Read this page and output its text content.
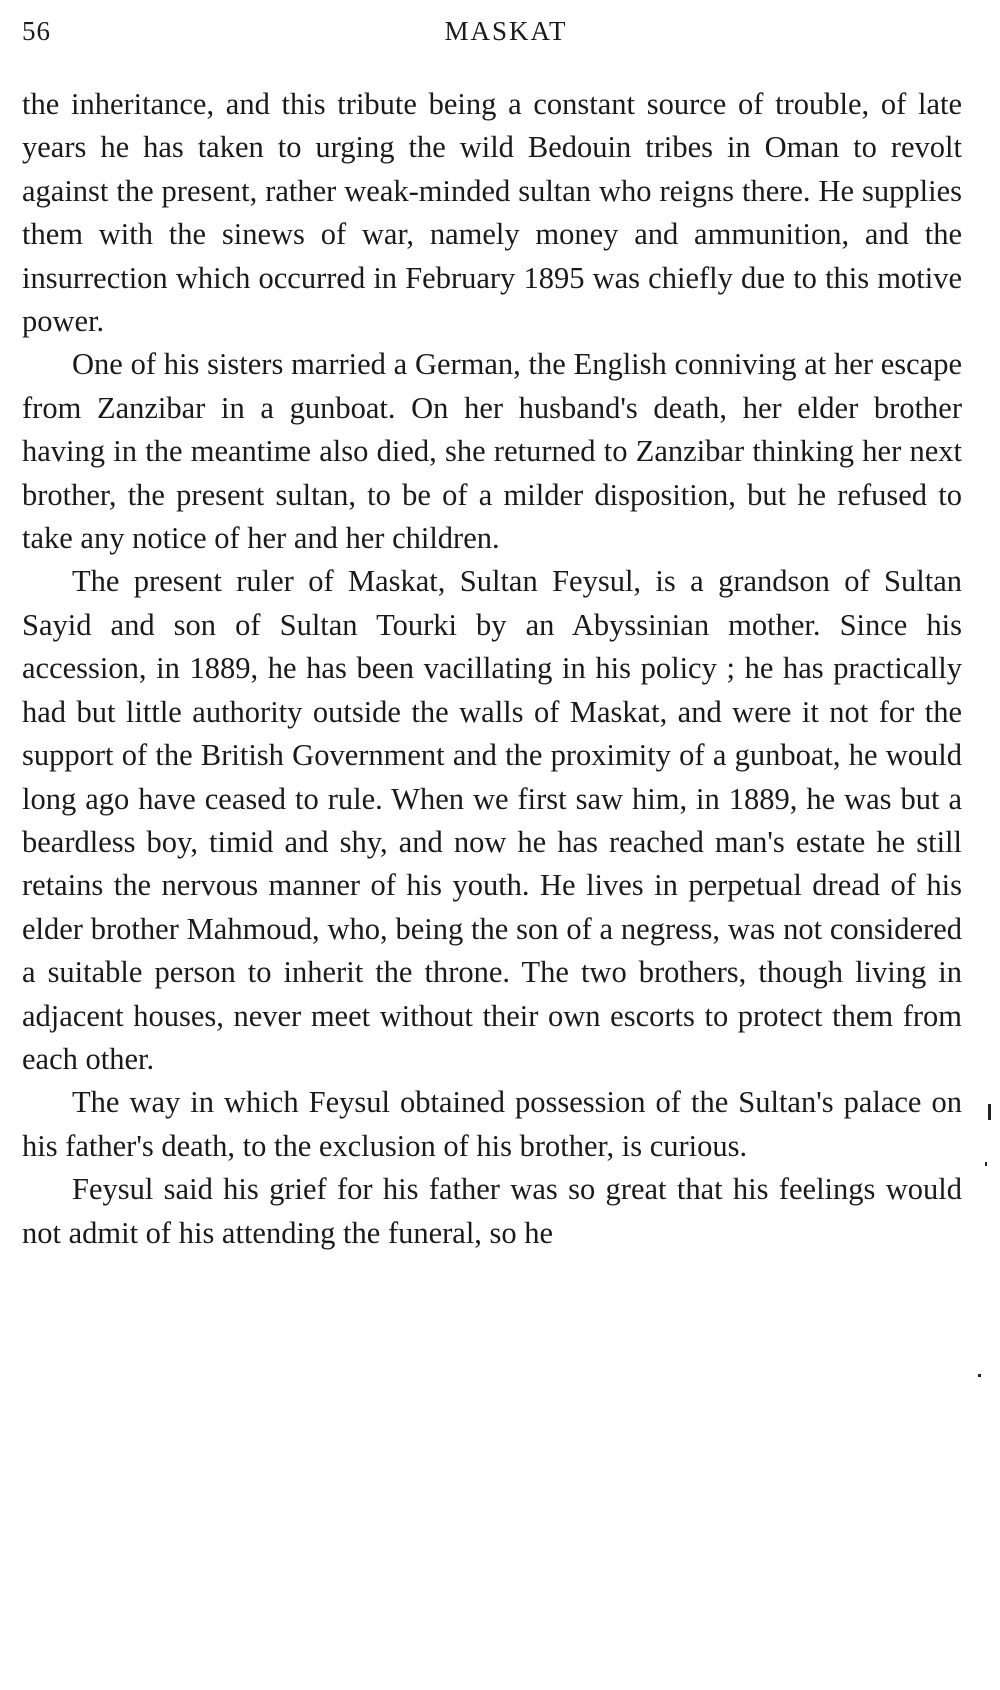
56	MASKAT

the inheritance, and this tribute being a constant source of trouble, of late years he has taken to urging the wild Bedouin tribes in Oman to revolt against the present, rather weak-minded sultan who reigns there. He supplies them with the sinews of war, namely money and ammunition, and the insurrection which occurred in February 1895 was chiefly due to this motive power.

One of his sisters married a German, the English conniving at her escape from Zanzibar in a gunboat. On her husband's death, her elder brother having in the meantime also died, she returned to Zanzibar thinking her next brother, the present sultan, to be of a milder disposition, but he refused to take any notice of her and her children.

The present ruler of Maskat, Sultan Feysul, is a grandson of Sultan Sayid and son of Sultan Tourki by an Abyssinian mother. Since his accession, in 1889, he has been vacillating in his policy ; he has practically had but little authority outside the walls of Maskat, and were it not for the support of the British Government and the proximity of a gunboat, he would long ago have ceased to rule. When we first saw him, in 1889, he was but a beardless boy, timid and shy, and now he has reached man's estate he still retains the nervous manner of his youth. He lives in perpetual dread of his elder brother Mahmoud, who, being the son of a negress, was not considered a suitable person to inherit the throne. The two brothers, though living in adjacent houses, never meet without their own escorts to protect them from each other.

The way in which Feysul obtained possession of the Sultan's palace on his father's death, to the exclusion of his brother, is curious.

Feysul said his grief for his father was so great that his feelings would not admit of his attending the funeral, so he
